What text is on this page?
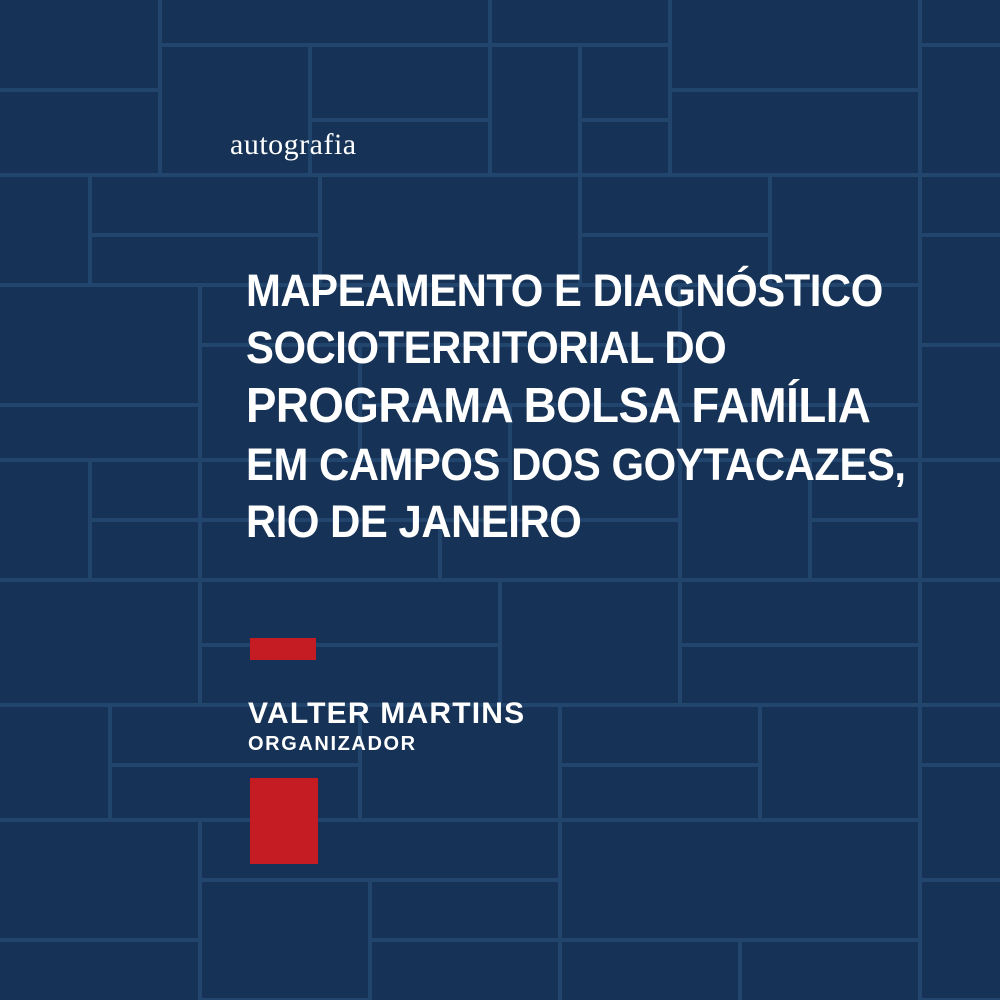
autografia
MAPEAMENTO E DIAGNÓSTICO
SOCIOTERRITORIAL DO
PROGRAMA BOLSA FAMÍLIA
EM CAMPOS DOS GOYTACAZES,
RIO DE JANEIRO
VALTER MARTINS
ORGANIZADOR
